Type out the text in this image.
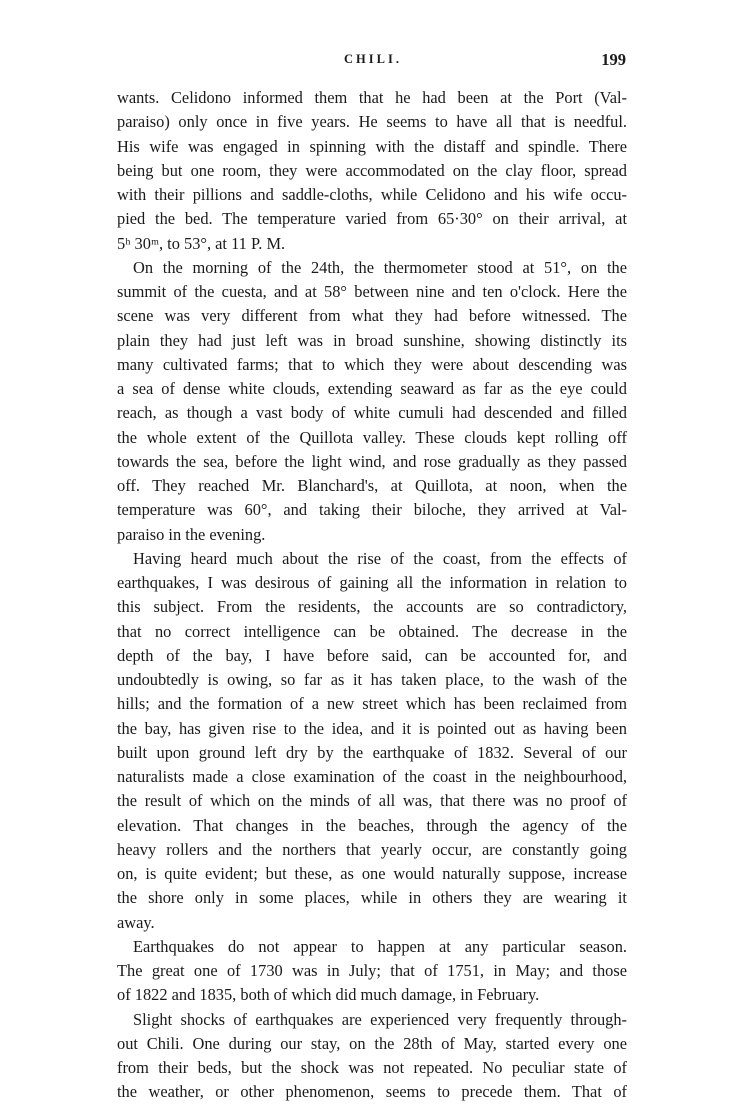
CHILI.	199
wants. Celidono informed them that he had been at the Port (Val-
paraiso) only once in five years. He seems to have all that is needful.
His wife was engaged in spinning with the distaff and spindle. There
being but one room, they were accommodated on the clay floor, spread
with their pillions and saddle-cloths, while Celidono and his wife occu-
pied the bed. The temperature varied from 65·30° on their arrival, at
5ʰ 30ᵐ, to 53°, at 11 P. M.
On the morning of the 24th, the thermometer stood at 51°, on the
summit of the cuesta, and at 58° between nine and ten o'clock. Here the
scene was very different from what they had before witnessed. The
plain they had just left was in broad sunshine, showing distinctly its
many cultivated farms; that to which they were about descending was
a sea of dense white clouds, extending seaward as far as the eye could
reach, as though a vast body of white cumuli had descended and filled
the whole extent of the Quillota valley. These clouds kept rolling off
towards the sea, before the light wind, and rose gradually as they passed
off. They reached Mr. Blanchard's, at Quillota, at noon, when the
temperature was 60°, and taking their biloche, they arrived at Val-
paraiso in the evening.
Having heard much about the rise of the coast, from the effects of
earthquakes, I was desirous of gaining all the information in relation to
this subject. From the residents, the accounts are so contradictory,
that no correct intelligence can be obtained. The decrease in the
depth of the bay, I have before said, can be accounted for, and
undoubtedly is owing, so far as it has taken place, to the wash of the
hills; and the formation of a new street which has been reclaimed from
the bay, has given rise to the idea, and it is pointed out as having been
built upon ground left dry by the earthquake of 1832. Several of our
naturalists made a close examination of the coast in the neighbourhood,
the result of which on the minds of all was, that there was no proof of
elevation. That changes in the beaches, through the agency of the
heavy rollers and the northers that yearly occur, are constantly going
on, is quite evident; but these, as one would naturally suppose, increase
the shore only in some places, while in others they are wearing it
away.
Earthquakes do not appear to happen at any particular season.
The great one of 1730 was in July; that of 1751, in May; and those
of 1822 and 1835, both of which did much damage, in February.
Slight shocks of earthquakes are experienced very frequently through-
out Chili. One during our stay, on the 28th of May, started every one
from their beds, but the shock was not repeated. No peculiar state of
the weather, or other phenomenon, seems to precede them. That of
